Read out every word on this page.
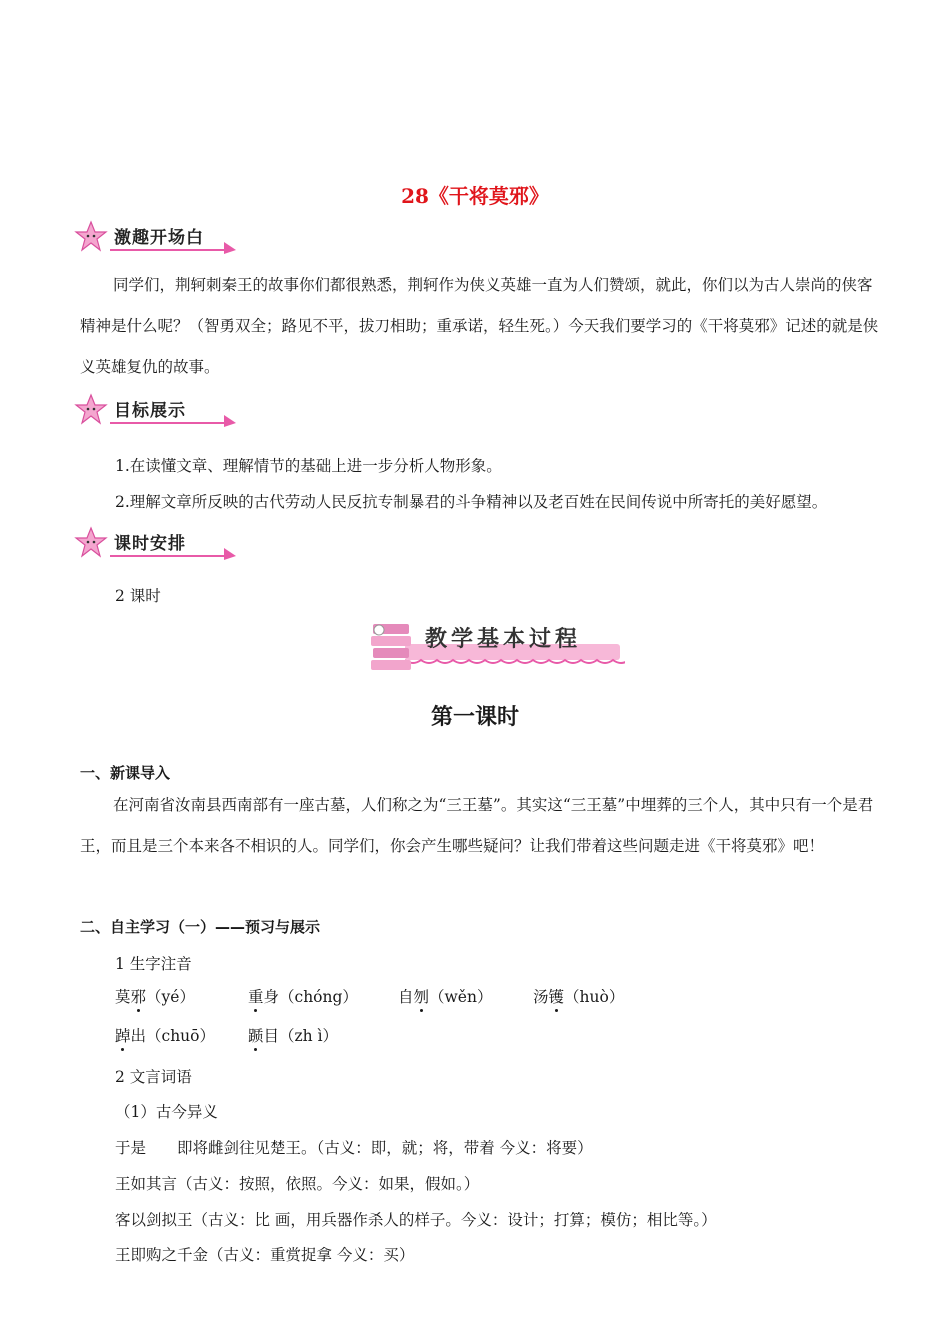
28《干将莫邪》
激趣开场白
同学们，荆轲刺秦王的故事你们都很熟悉，荆轲作为侠义英雄一直为人们赞颂，就此，你们以为古人崇尚的侠客精神是什么呢？（智勇双全；路见不平，拔刀相助；重承诺，轻生死。）今天我们要学习的《干将莫邪》记述的就是侠义英雄复仇的故事。
目标展示
1.在读懂文章、理解情节的基础上进一步分析人物形象。
2.理解文章所反映的古代劳动人民反抗专制暴君的斗争精神以及老百姓在民间传说中所寄托的美好愿望。
课时安排
2 课时
教学基本过程
第一课时
一、新课导入
在河南省汝南县西南部有一座古墓，人们称之为“三王墓”。其实这“三王墓”中埋葬的三个人，其中只有一个是君王，而且是三个本来各不相识的人。同学们，你会产生哪些疑问？让我们带着这些问题走进《干将莫邪》吧！
二、自主学习（一）——预习与展示
1 生字注音
莫邪（yé）	重身（chóng）	自刎（wěn）	汤镬（huò）
踔出（chuō） 踬目（zh ì）
2 文言词语
（1）古今异义
于是　　即将雌剑往见楚王。（古义：即，就；将，带着 今义：将要）
王如其言（古义：按照，依照。今义：如果，假如。）
客以剑拟王（古义：比 画，用兵器作杀人的样子。今义：设计；打算；模仿；相比等。）
王即购之千金（古义：重赏捉拿 今义：买）
